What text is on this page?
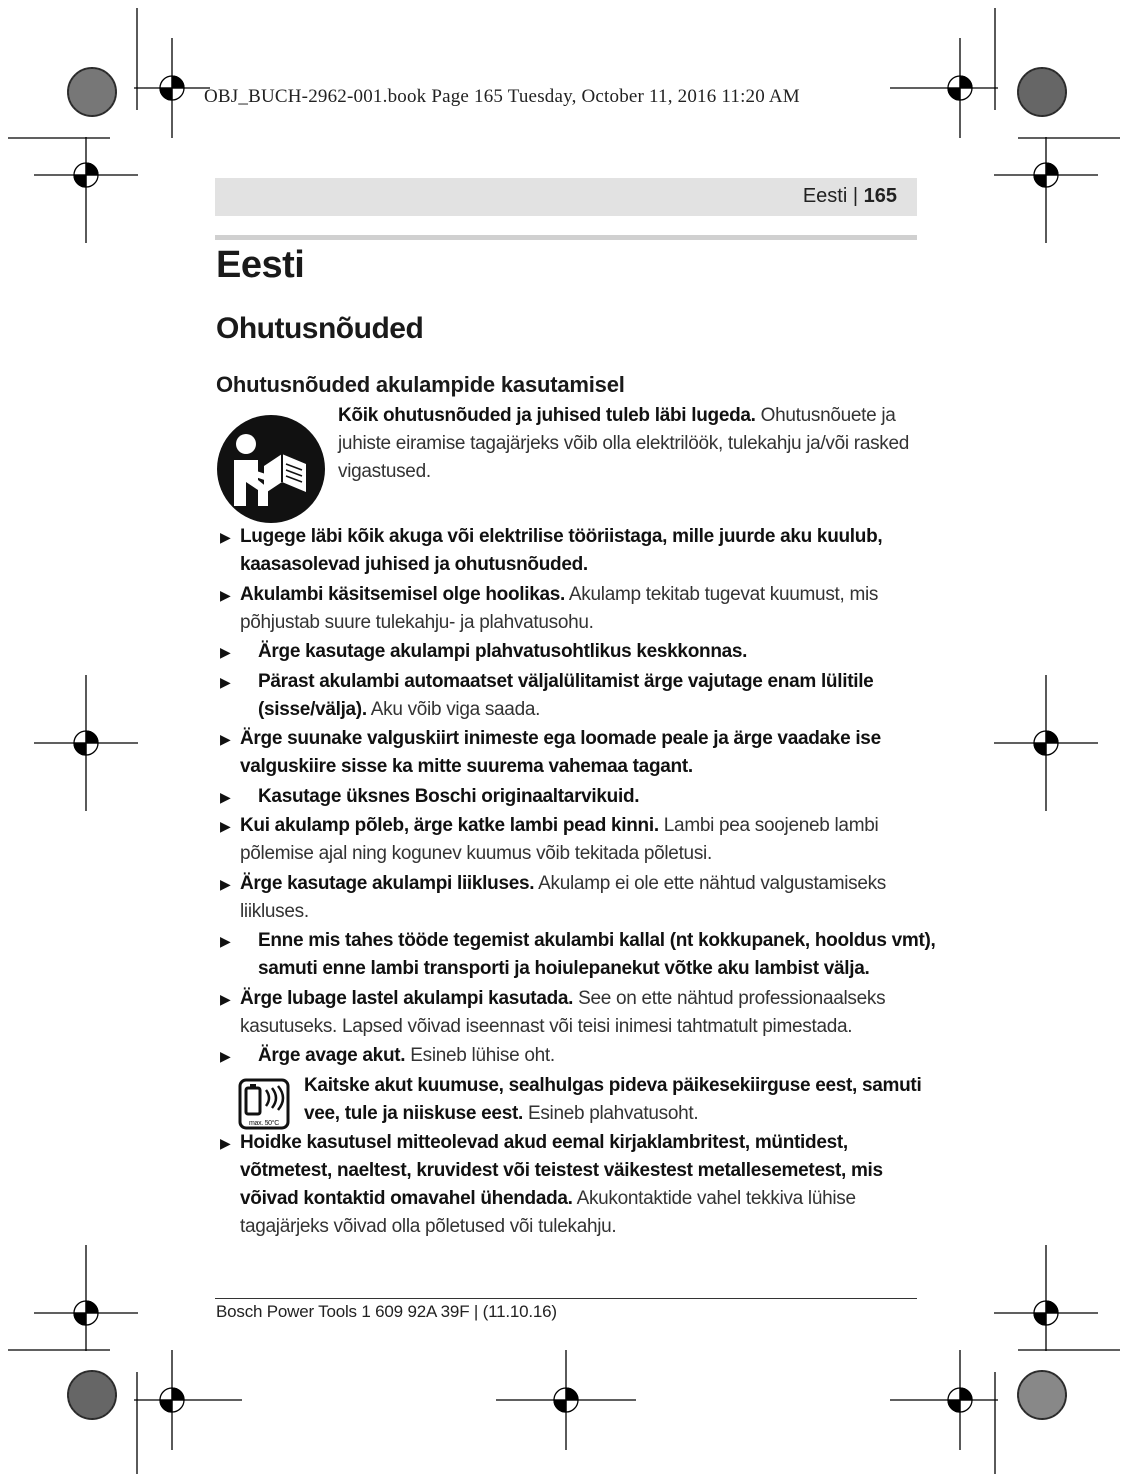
OBJ_BUCH-2962-001.book Page 165 Tuesday, October 11, 2016 11:20 AM
Eesti | 165
Eesti
Ohutusnõuded
Ohutusnõuded akulampide kasutamisel
Kõik ohutusnõuded ja juhised tuleb läbi lugeda. Ohutusnõuete ja juhiste eiramise tagajärjeks võib olla elektrilöök, tulekahju ja/või rasked vigastused.
▶ Lugege läbi kõik akuga või elektrilise tööriistaga, mille juurde aku kuulub, kaasasolevad juhised ja ohutusnõuded.
▶ Akulambi käsitsemisel olge hoolikas. Akulamp tekitab tugevat kuumust, mis põhjustab suure tulekahju- ja plahvatusohu.
▶ Ärge kasutage akulampi plahvatusohtlikus keskkonnas.
▶ Pärast akulambi automaatset väljalülitamist ärge vajutage enam lülitile (sisse/välja). Aku võib viga saada.
▶ Ärge suunake valguskiirt inimeste ega loomade peale ja ärge vaadake ise valguskiire sisse ka mitte suurema vahemaa tagant.
▶ Kasutage üksnes Boschi originaaltarvikuid.
▶ Kui akulamp põleb, ärge katke lambi pead kinni. Lambi pea soojeneb lambi põlemise ajal ning kogunev kuumus võib tekitada põletusi.
▶ Ärge kasutage akulampi liikluses. Akulamp ei ole ette nähtud valgustamiseks liikluses.
▶ Enne mis tahes tööde tegemist akulambi kallal (nt kokkupanek, hooldus vmt), samuti enne lambi transporti ja hoiulepanekut võtke aku lambist välja.
▶ Ärge lubage lastel akulampi kasutada. See on ette nähtud professionaalseks kasutuseks. Lapsed võivad iseennast või teisi inimesi tahtmatult pimestada.
▶ Ärge avage akut. Esineb lühise oht.
max. 50°C
Kaitske akut kuumuse, sealhulgas pideva päikesekiirguse eest, samuti vee, tule ja niiskuse eest. Esineb plahvatusoht.
▶ Hoidke kasutusel mitteolevad akud eemal kirjaklambritest, müntidest, võtmetest, naeltest, kruvidest või teistest väikestest metallesemetest, mis võivad kontaktid omavahel ühendada. Akukontaktide vahel tekkiva lühise tagajärjeks võivad olla põletused või tulekahju.
Bosch Power Tools 1 609 92A 39F | (11.10.16)
